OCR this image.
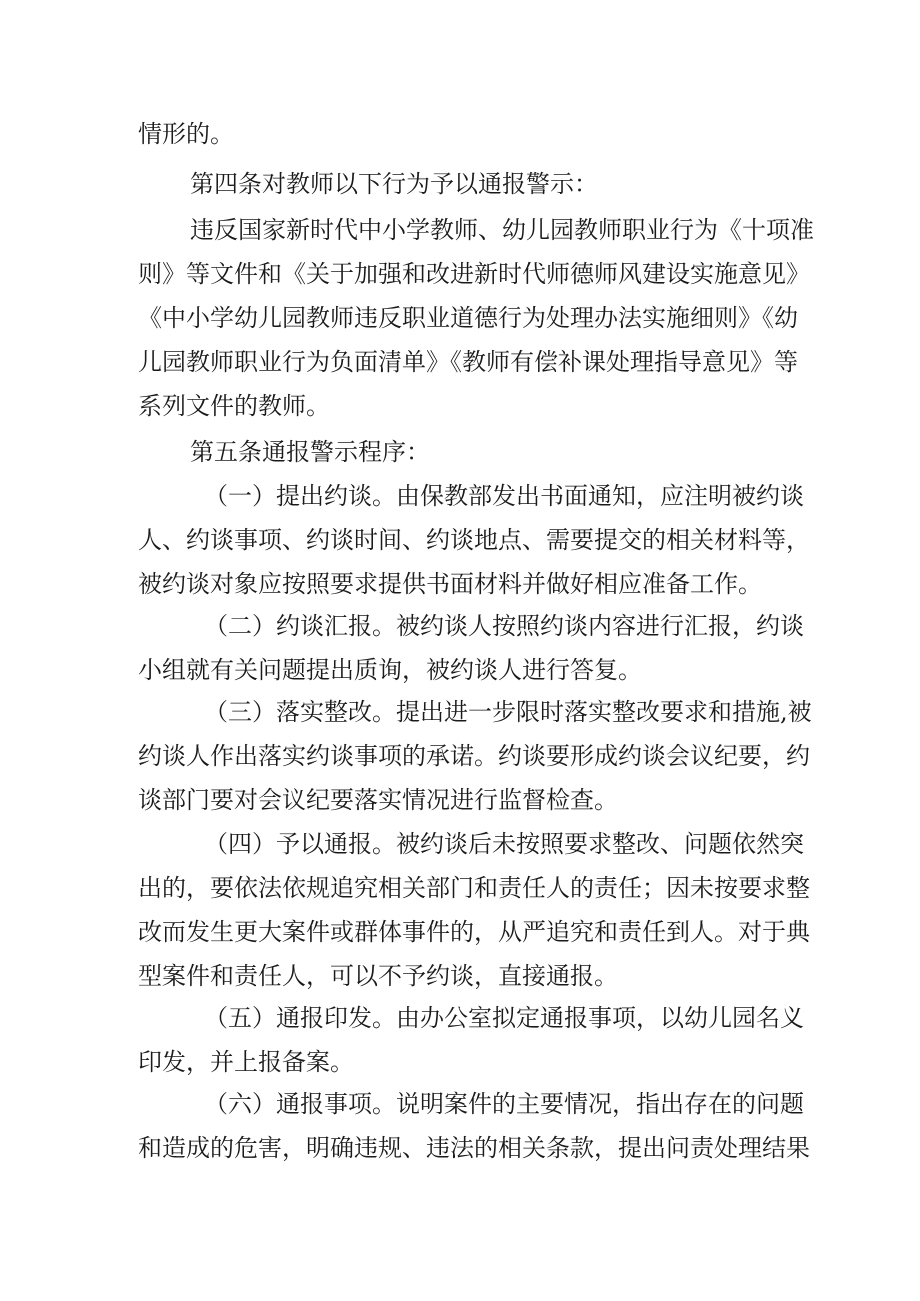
情形的。
第四条对教师以下行为予以通报警示：
违反国家新时代中小学教师、幼儿园教师职业行为《十项准
则》等文件和《关于加强和改进新时代师德师风建设实施意见》
《中小学幼儿园教师违反职业道德行为处理办法实施细则》《幼
儿园教师职业行为负面清单》《教师有偿补课处理指导意见》等
系列文件的教师。
第五条通报警示程序：
（一）提出约谈。由保教部发出书面通知，应注明被约谈
人、约谈事项、约谈时间、约谈地点、需要提交的相关材料等，
被约谈对象应按照要求提供书面材料并做好相应准备工作。
（二）约谈汇报。被约谈人按照约谈内容进行汇报，约谈
小组就有关问题提出质询，被约谈人进行答复。
（三）落实整改。提出进一步限时落实整改要求和措施,被
约谈人作出落实约谈事项的承诺。约谈要形成约谈会议纪要，约
谈部门要对会议纪要落实情况进行监督检查。
（四）予以通报。被约谈后未按照要求整改、问题依然突
出的，要依法依规追究相关部门和责任人的责任；因未按要求整
改而发生更大案件或群体事件的，从严追究和责任到人。对于典
型案件和责任人，可以不予约谈，直接通报。
（五）通报印发。由办公室拟定通报事项，以幼儿园名义
印发，并上报备案。
（六）通报事项。说明案件的主要情况，指出存在的问题
和造成的危害，明确违规、违法的相关条款，提出问责处理结果
